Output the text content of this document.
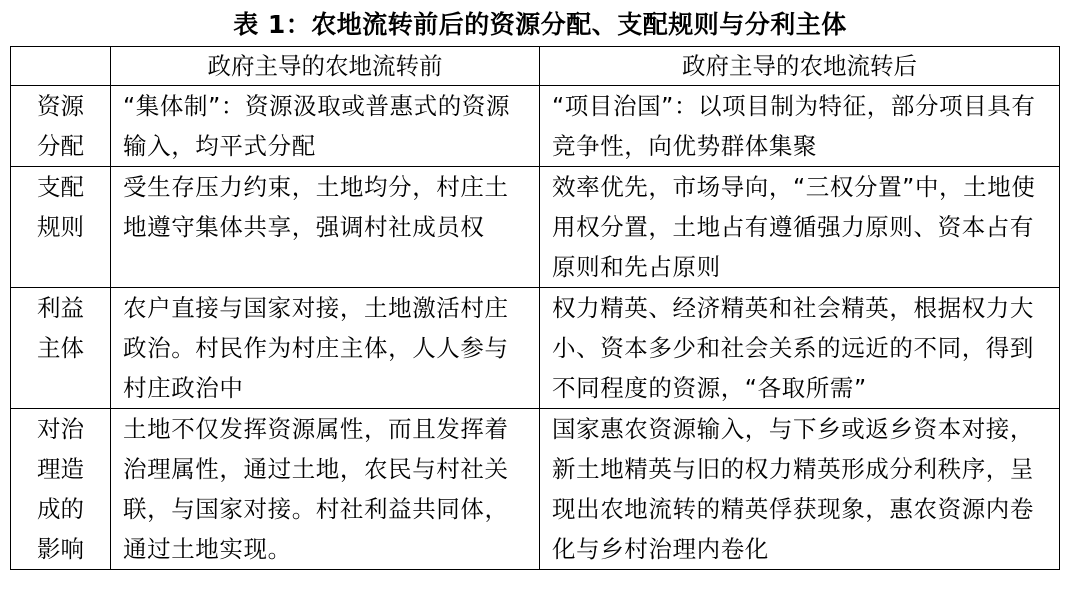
表 1：农地流转前后的资源分配、支配规则与分利主体
	政府主导的农地流转前	政府主导的农地流转后

资源
分配	“集体制”：资源汲取或普惠式的资源输入，均平式分配	“项目治国”：以项目制为特征，部分项目具有竞争性，向优势群体集聚

支配
规则	受生存压力约束，土地均分，村庄土地遵守集体共享，强调村社成员权	效率优先，市场导向，“三权分置”中，土地使用权分置，土地占有遵循强力原则、资本占有原则和先占原则

利益
主体	农户直接与国家对接，土地激活村庄政治。村民作为村庄主体，人人参与村庄政治中	权力精英、经济精英和社会精英，根据权力大小、资本多少和社会关系的远近的不同，得到不同程度的资源，“各取所需”

对治
理造
成的
影响	土地不仅发挥资源属性，而且发挥着治理属性，通过土地，农民与村社关联，与国家对接。村社利益共同体，通过土地实现。	国家惠农资源输入，与下乡或返乡资本对接，新土地精英与旧的权力精英形成分利秩序，呈现出农地流转的精英俘获现象，惠农资源内卷化与乡村治理内卷化
